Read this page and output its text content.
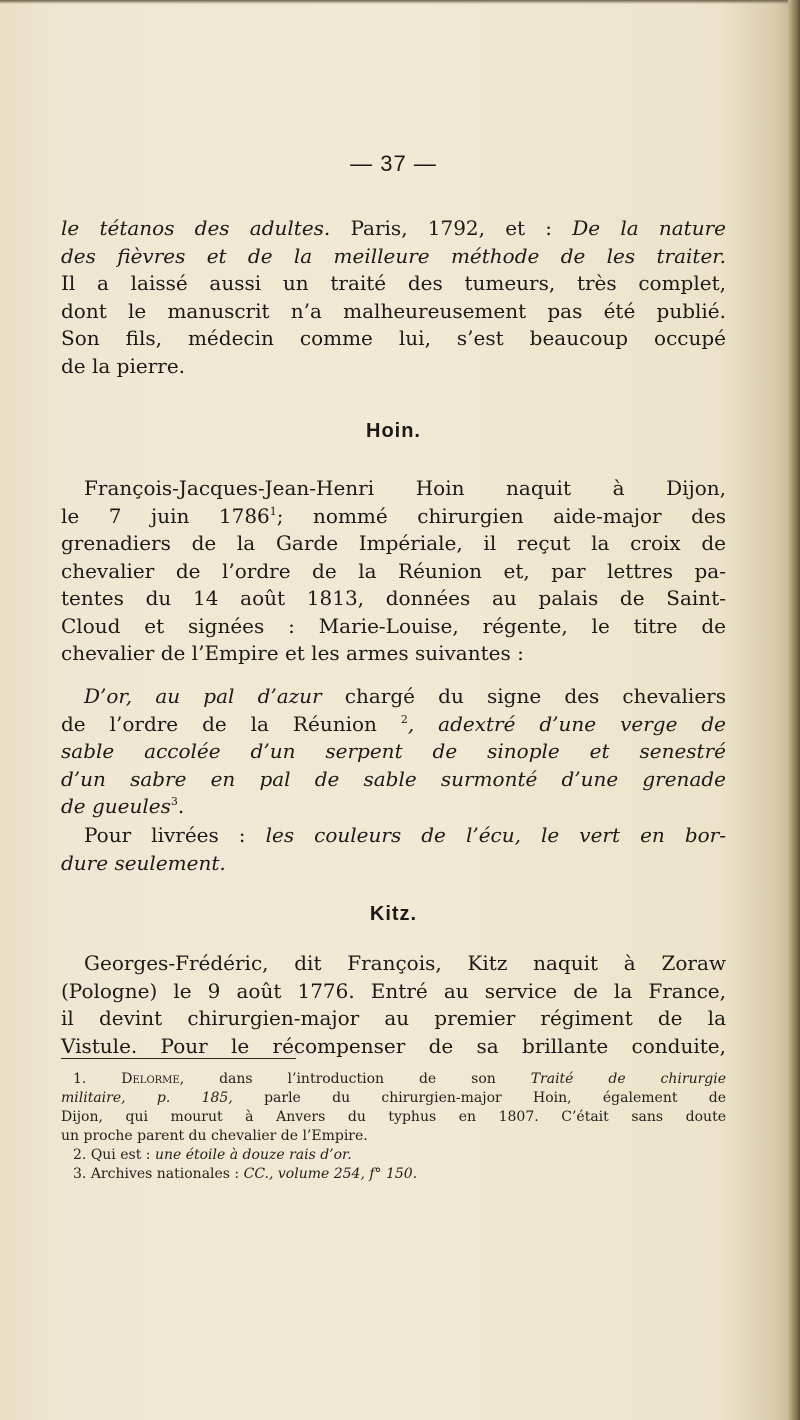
— 37 —
le tétanos des adultes. Paris, 1792, et : De la nature
des fièvres et de la meilleure méthode de les traiter.
Il a laissé aussi un traité des tumeurs, très complet,
dont le manuscrit n’a malheureusement pas été publié.
Son fils, médecin comme lui, s’est beaucoup occupé
de la pierre.
Hoin.
François-Jacques-Jean-Henri Hoin naquit à Dijon,
le 7 juin 1786$^1$; nommé chirurgien aide-major des
grenadiers de la Garde Impériale, il reçut la croix de
chevalier de l’ordre de la Réunion et, par lettres pa-
tentes du 14 août 1813, données au palais de Saint-
Cloud et signées : Marie-Louise, régente, le titre de
chevalier de l’Empire et les armes suivantes :
D’or, au pal d’azur chargé du signe des chevaliers
de l’ordre de la Réunion $^2$, adextré d’une verge de
sable accolée d’un serpent de sinople et senestré
d’un sabre en pal de sable surmonté d’une grenade
de gueules$^3$.
Pour livrées : les couleurs de l’écu, le vert en bor-
dure seulement.
Kitz.
Georges-Frédéric, dit François, Kitz naquit à Zoraw
(Pologne) le 9 août 1776. Entré au service de la France,
il devint chirurgien-major au premier régiment de la
Vistule. Pour le récompenser de sa brillante conduite,
1. Delorme, dans l’introduction de son Traité de chirurgie
militaire, p. 185, parle du chirurgien-major Hoin, également de
Dijon, qui mourut à Anvers du typhus en 1807. C’était sans doute
un proche parent du chevalier de l’Empire.
2. Qui est : une étoile à douze rais d’or.
3. Archives nationales : CC., volume 254, f° 150.
